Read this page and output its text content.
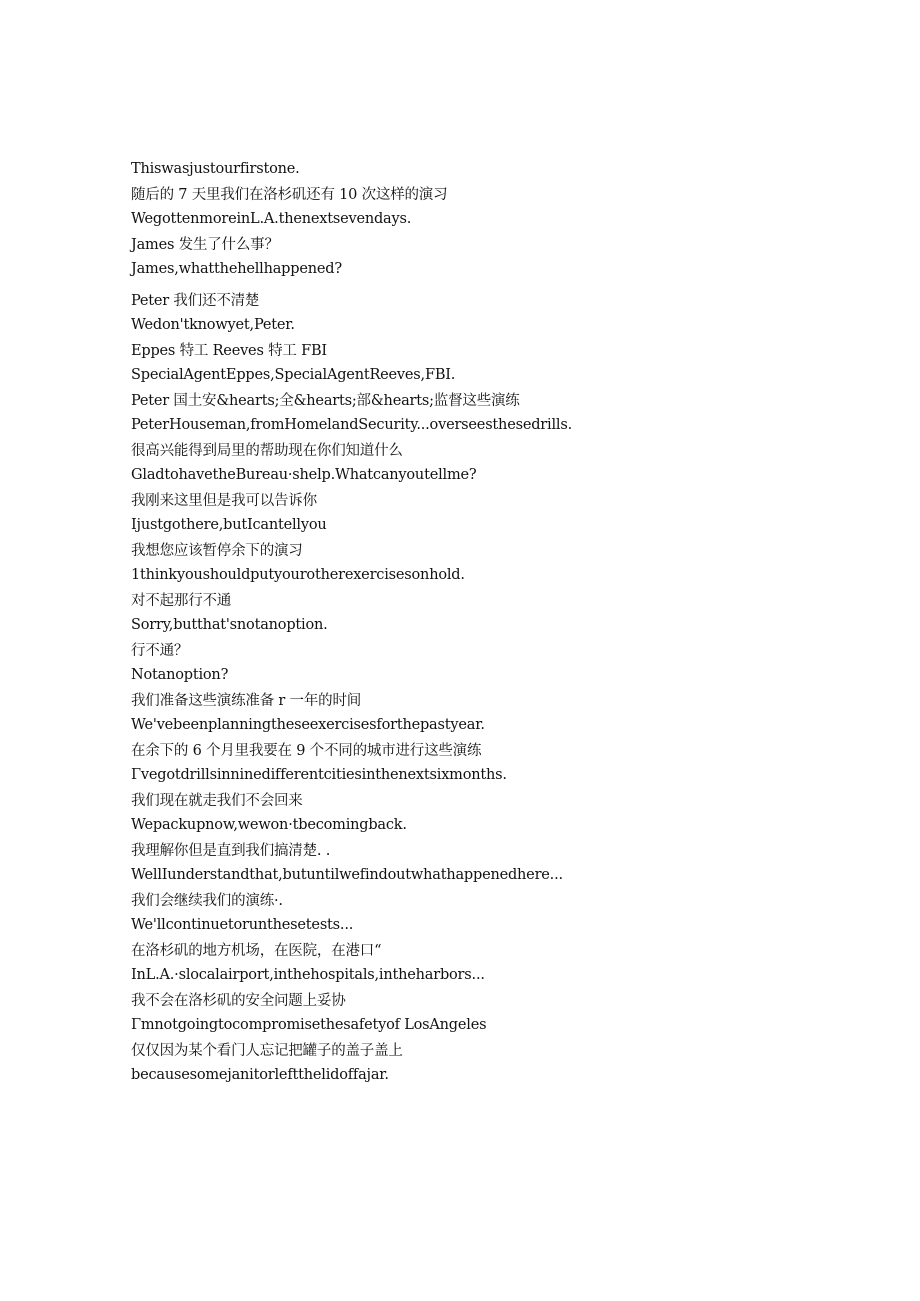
Thiswasjustourfirstone.
随后的 7 天里我们在洛杉矶还有 10 次这样的演习
WegottenmoreinL.A.thenextsevendays.
James 发生了什么事？
James,whatthehellhappened?
Peter 我们还不清楚
Wedon'tknowyet,Peter.
Eppes 特工 Reeves 特工 FBI
SpecialAgentEppes,SpecialAgentReeves,FBI.
Peter 国土安&hearts;全&hearts;部&hearts;监督这些演练
PeterHouseman,fromHomelandSecurity...overseesthesedrills.
很高兴能得到局里的帮助现在你们知道什么
GladtohavetheBureau·shelp.Whatcanyoutellme?
我刚来这里但是我可以告诉你
Ijustgothere,butIcantellyou
我想您应该暂停余下的演习
1thinkyoushouldputyourotherexercisesonhold.
对不起那行不通
Sorry,butthat'snotanoption.
行不通？
Notanoption?
我们准备这些演练准备 r 一年的时间
We'vebeenplanningtheseexercisesforthepastyear.
在余下的 6 个月里我要在 9 个不同的城市进行这些演练
Γvegotdrillsinninedifferentcitiesinthenextsixmonths.
我们现在就走我们不会回来
Wepackupnow,wewon·tbecomingback.
我理解你但是直到我们搞清楚. .
WellIunderstandthat,butuntilwefindoutwhathappenedhere...
我们会继续我们的演练·.
We'llcontinuetorunthesetests...
在洛杉矶的地方机场，在医院，在港口“
InL.A.·slocalairport,inthehospitals,intheharbors...
我不会在洛杉矶的安全问题上妥协
Γmnotgoingtocompromisethesafetyof LosAngeles
仅仅因为某个看门人忘记把罐子的盖子盖上
becausesomejanitorleftthelidoffajar.
